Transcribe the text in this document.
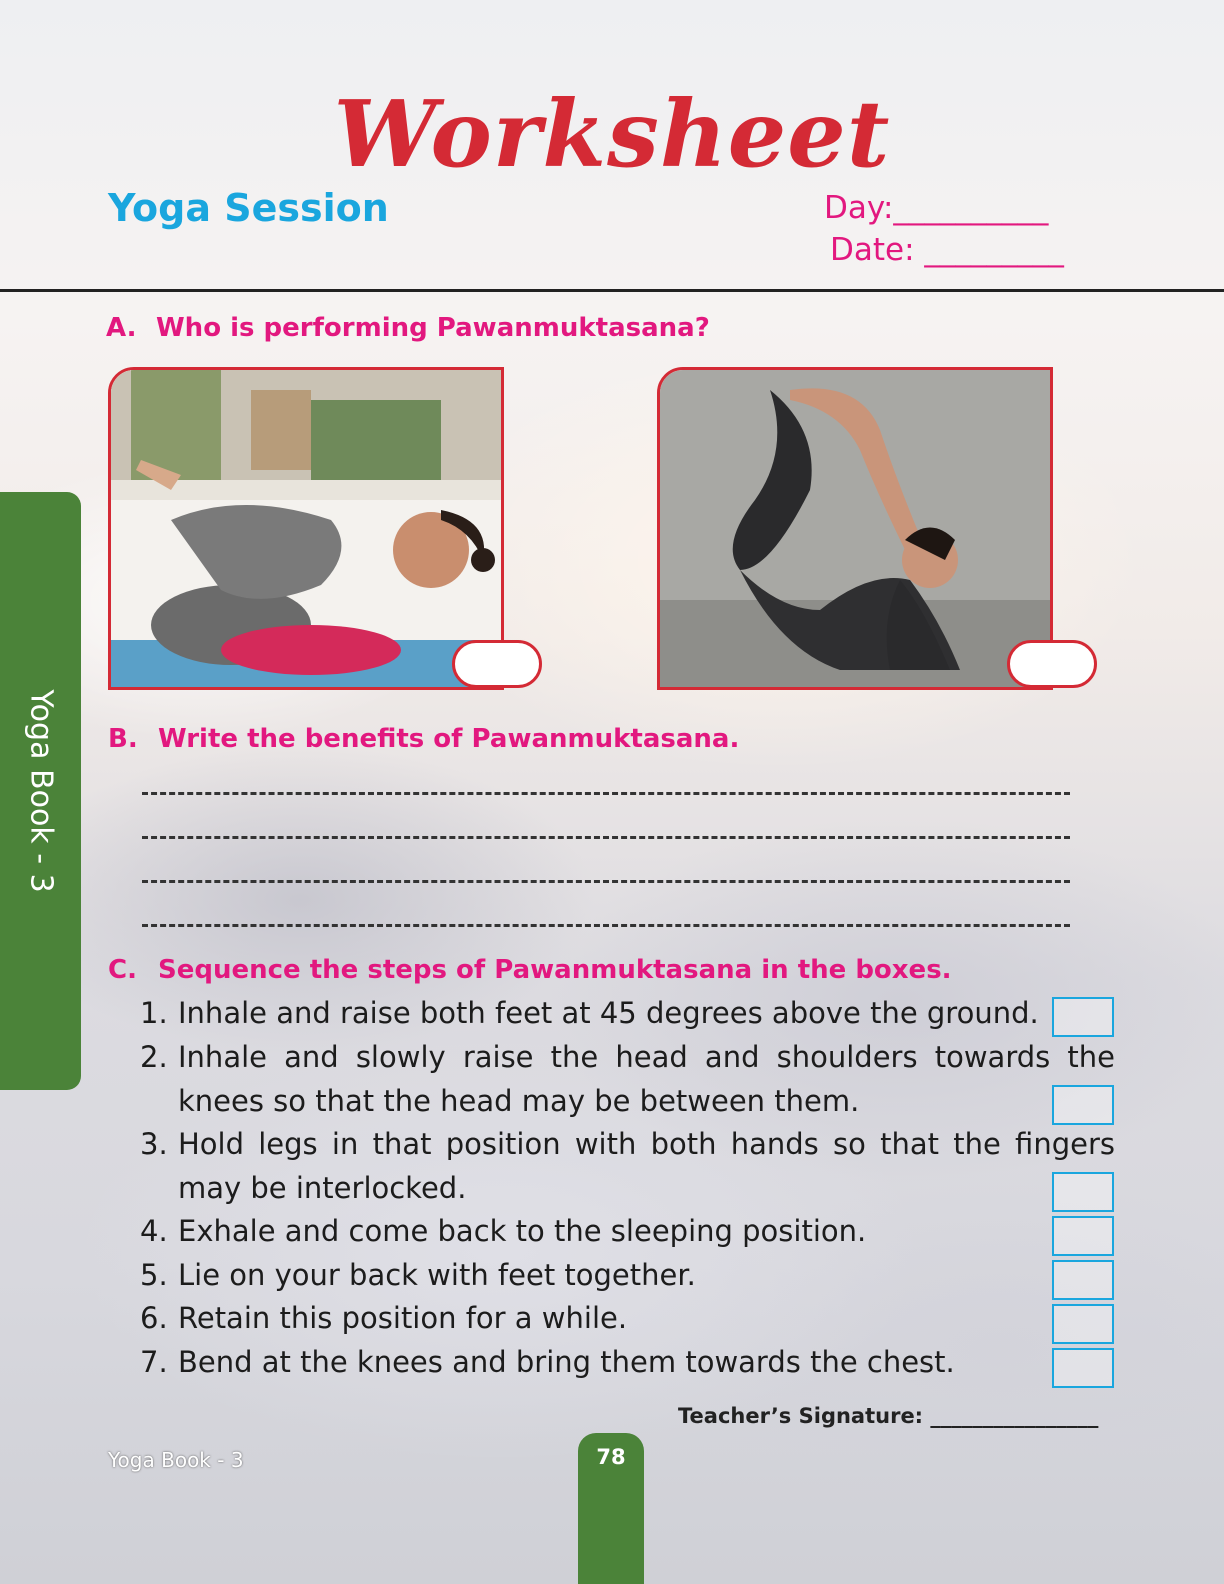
Worksheet
Yoga Session	Day:__________
Date: _________
Yoga Book - 3
A. Who is performing Pawanmuktasana?
B. Write the benefits of Pawanmuktasana.
C. Sequence the steps of Pawanmuktasana in the boxes.
1. Inhale and raise both feet at 45 degrees above the ground.
2. Inhale and slowly raise the head and shoulders towards the knees so that the head may be between them.
3. Hold legs in that position with both hands so that the fingers may be interlocked.
4. Exhale and come back to the sleeping position.
5. Lie on your back with feet together.
6. Retain this position for a while.
7. Bend at the knees and bring them towards the chest.
Teacher’s Signature: ________________
Yoga Book - 3	78
